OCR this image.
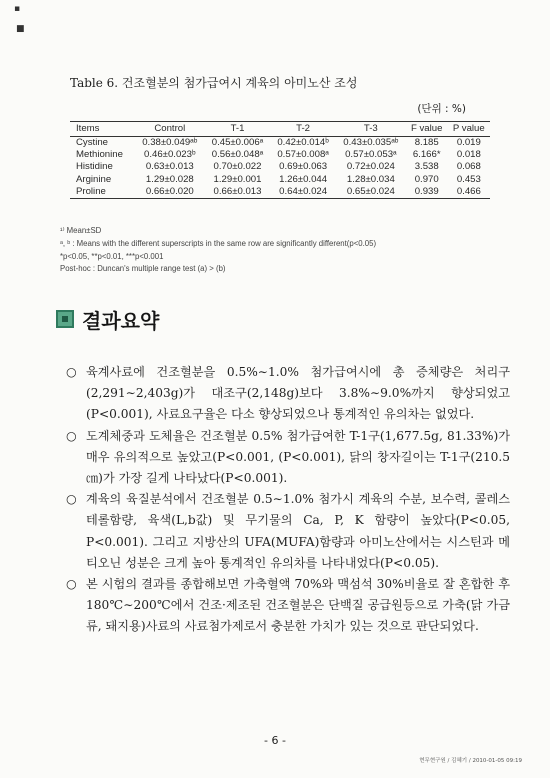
▪
■
Table 6. 건조혈분의 첨가급여시 계육의 아미노산 조성
(단위 : %)
Items	Control	T-1	T-2	T-3	F value	P value
Cystine	0.38±0.049ᵃᵇ	0.45±0.006ᵃ	0.42±0.014ᵇ	0.43±0.035ᵃᵇ	8.185	0.019
Methionine	0.46±0.023ᵇ	0.56±0.048ᵃ	0.57±0.008ᵃ	0.57±0.053ᵃ	6.166*	0.018
Histidine	0.63±0.013	0.70±0.022	0.69±0.063	0.72±0.024	3.538	0.068
Arginine	1.29±0.028	1.29±0.001	1.26±0.044	1.28±0.034	0.970	0.453
Proline	0.66±0.020	0.66±0.013	0.64±0.024	0.65±0.024	0.939	0.466
¹⁾ Mean±SD
ᵃ, ᵇ : Means with the different superscripts in the same row are significantly different(p<0.05)
*p<0.05, **p<0.01, ***p<0.001
Post-hoc : Duncan's multiple range test (a) > (b)
결과요약
○ 육계사료에 건조혈분을 0.5%∼1.0% 첨가급여시에 총 증체량은 처리구(2,291∼2,403g)가 대조구(2,148g)보다 3.8%∼9.0%까지 향상되었고(P<0.001), 사료요구율은 다소 향상되었으나 통계적인 유의차는 없었다.
○ 도계체중과 도체율은 건조혈분 0.5% 첨가급여한 T-1구(1,677.5g, 81.33%)가 매우 유의적으로 높았고(P<0.001, (P<0.001), 닭의 창자길이는 T-1구(210.5 ㎝)가 가장 길게 나타났다(P<0.001).
○ 계육의 육질분석에서 건조혈분 0.5∼1.0% 첨가시 계육의 수분, 보수력, 콜레스테롤함량, 육색(L,b값) 및 무기물의 Ca, P, K 함량이 높았다(P<0.05, P<0.001). 그리고 지방산의 UFA(MUFA)함량과 아미노산에서는 시스틴과 메티오닌 성분은 크게 높아 통계적인 유의차를 나타내었다(P<0.05).
○ 본 시험의 결과를 종합해보면 가축혈액 70%와 맥섬석 30%비율로 잘 혼합한 후 180℃∼200℃에서 건조·제조된 건조혈분은 단백질 공급원등으로 가축(닭 가금류, 돼지용)사료의 사료첨가제로서 충분한 가치가 있는 것으로 판단되었다.
- 6 -
현무현구원 / 김혜기 / 2010-01-05 09:19
